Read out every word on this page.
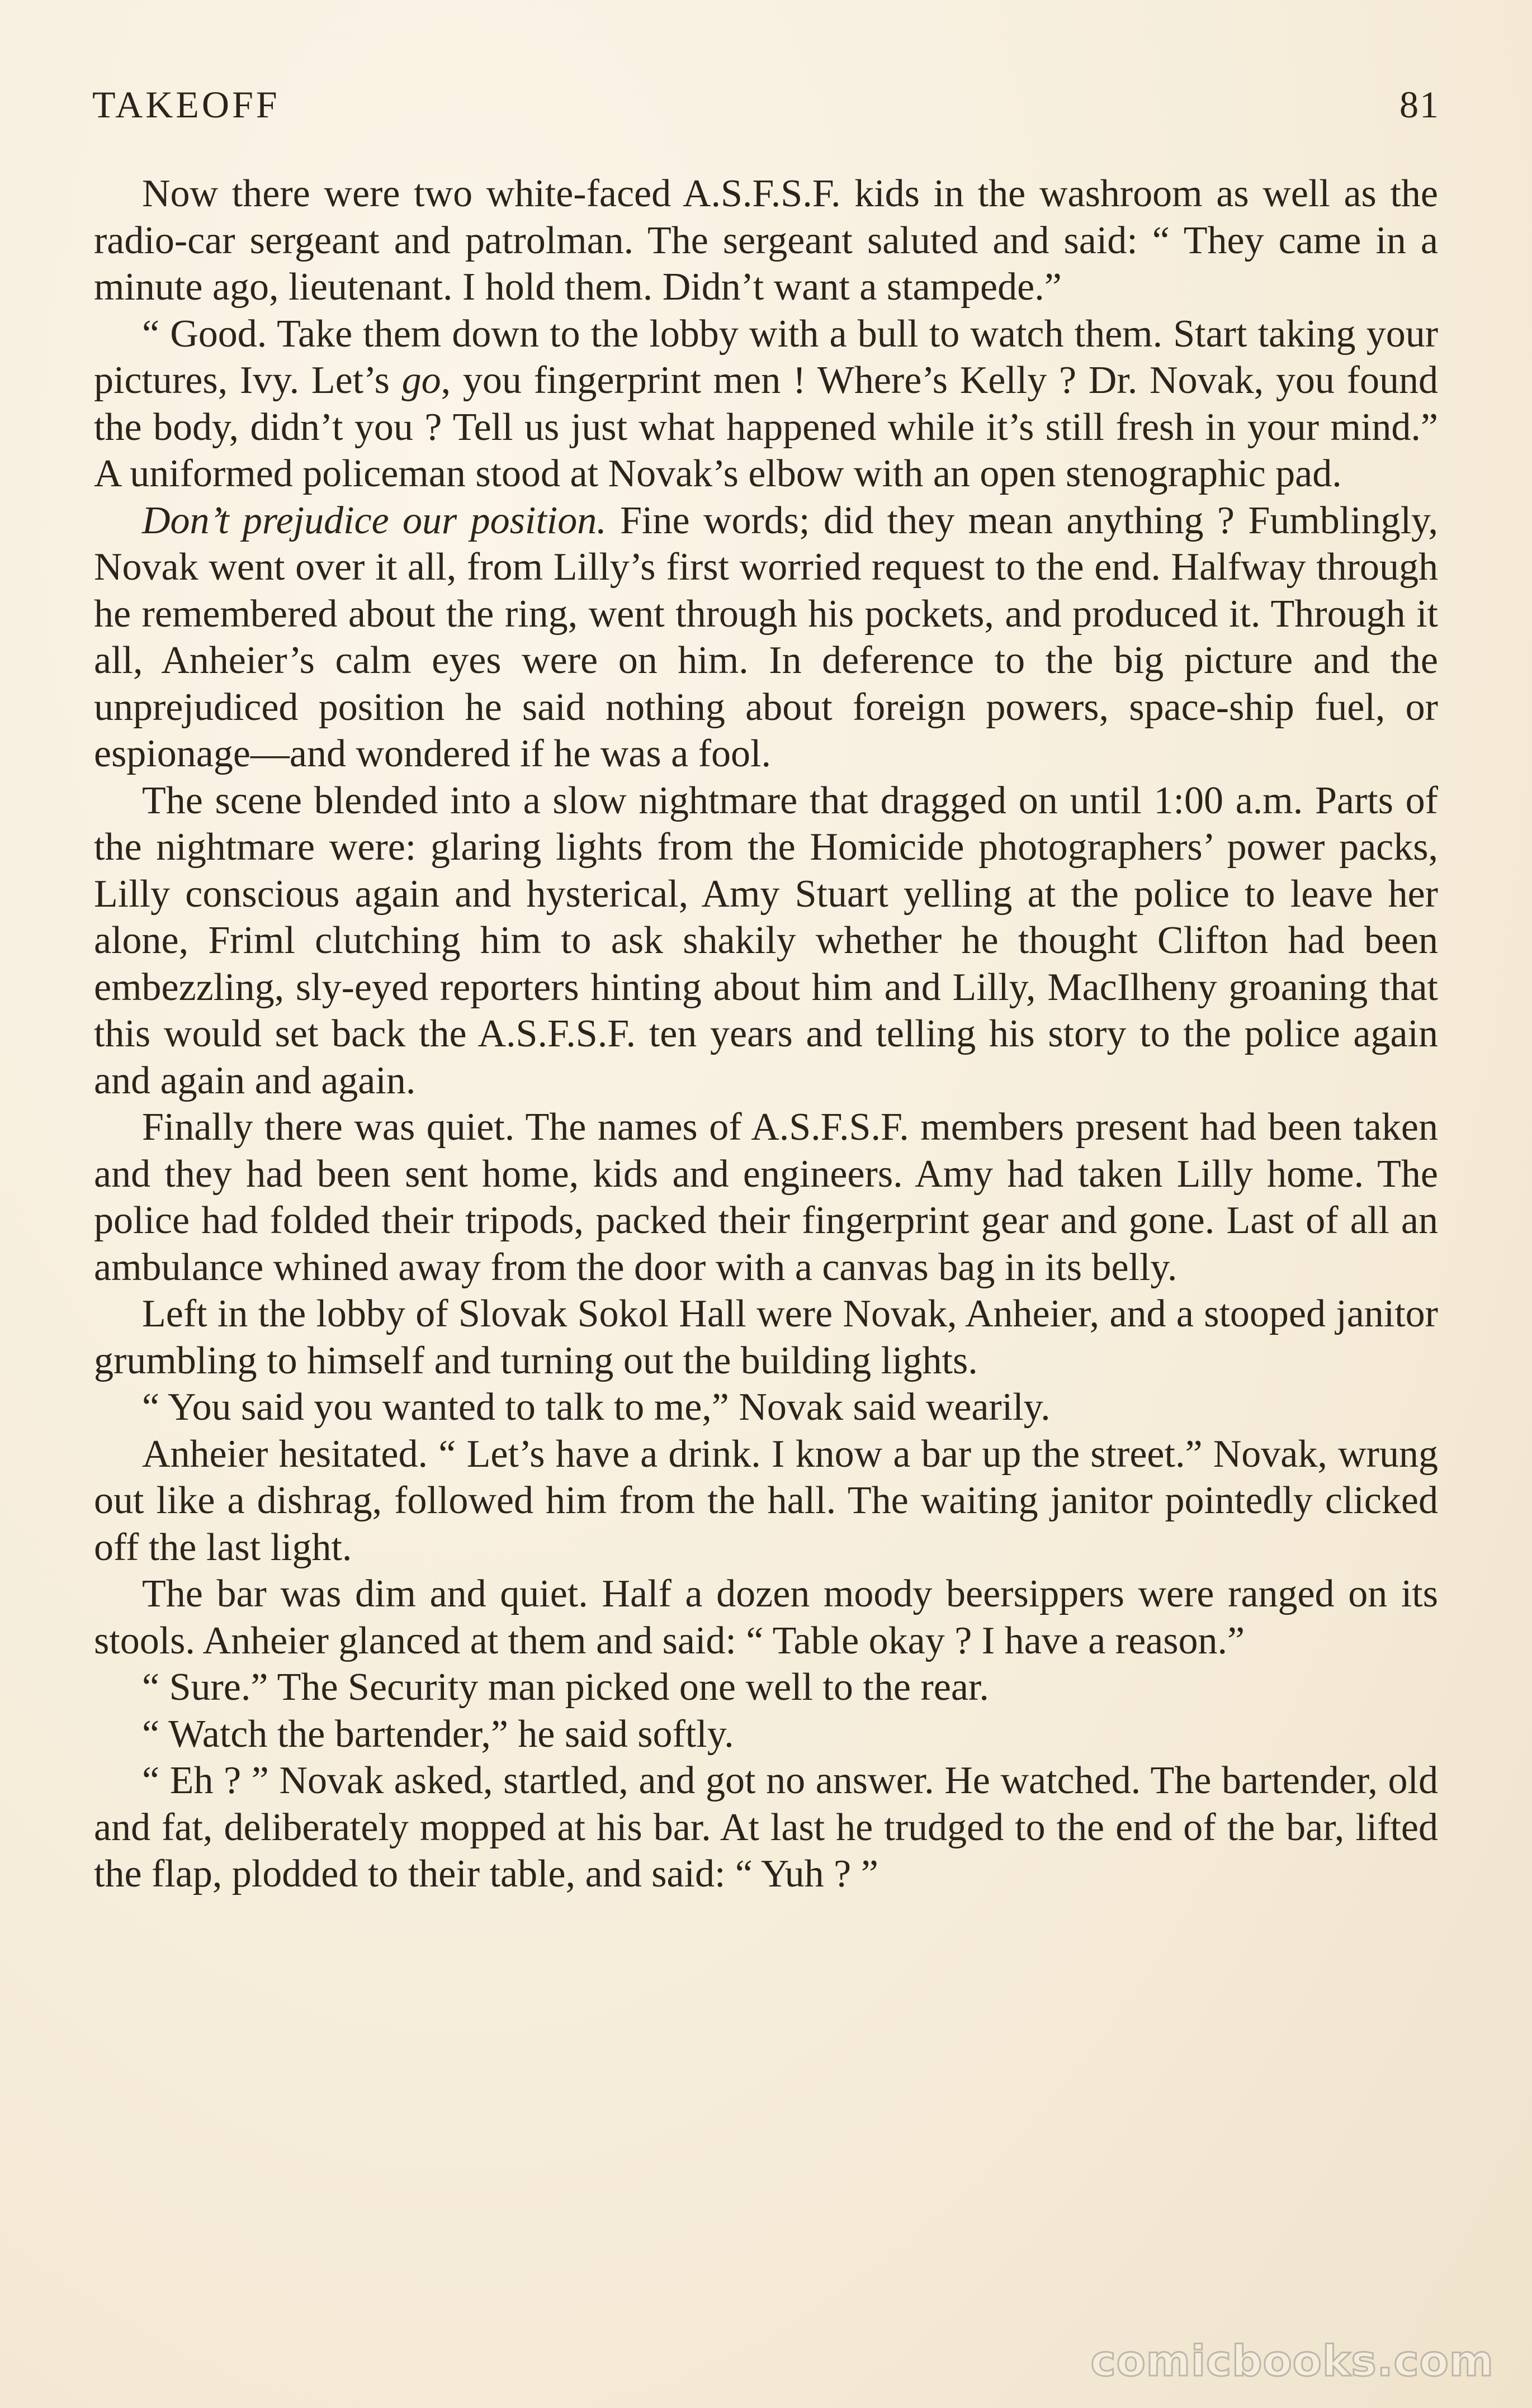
TAKEOFF	81

Now there were two white-faced A.S.F.S.F. kids in the washroom as well as the radio-car sergeant and patrolman. The sergeant saluted and said: “ They came in a minute ago, lieutenant. I hold them. Didn’t want a stampede.”

“ Good. Take them down to the lobby with a bull to watch them. Start taking your pictures, Ivy. Let’s go, you fingerprint men ! Where’s Kelly ? Dr. Novak, you found the body, didn’t you ? Tell us just what happened while it’s still fresh in your mind.” A uniformed policeman stood at Novak’s elbow with an open stenographic pad.

Don’t prejudice our position. Fine words; did they mean anything ? Fumblingly, Novak went over it all, from Lilly’s first worried request to the end. Halfway through he remembered about the ring, went through his pockets, and produced it. Through it all, Anheier’s calm eyes were on him. In deference to the big picture and the unprejudiced position he said nothing about foreign powers, space-ship fuel, or espionage—and wondered if he was a fool.

The scene blended into a slow nightmare that dragged on until 1:00 a.m. Parts of the nightmare were: glaring lights from the Homicide photographers’ power packs, Lilly conscious again and hysterical, Amy Stuart yelling at the police to leave her alone, Friml clutching him to ask shakily whether he thought Clifton had been embezzling, sly-eyed reporters hinting about him and Lilly, MacIlheny groaning that this would set back the A.S.F.S.F. ten years and telling his story to the police again and again and again.

Finally there was quiet. The names of A.S.F.S.F. members present had been taken and they had been sent home, kids and engineers. Amy had taken Lilly home. The police had folded their tripods, packed their fingerprint gear and gone. Last of all an ambulance whined away from the door with a canvas bag in its belly.

Left in the lobby of Slovak Sokol Hall were Novak, Anheier, and a stooped janitor grumbling to himself and turning out the building lights.

“ You said you wanted to talk to me,” Novak said wearily.

Anheier hesitated. “ Let’s have a drink. I know a bar up the street.” Novak, wrung out like a dishrag, followed him from the hall. The waiting janitor pointedly clicked off the last light.

The bar was dim and quiet. Half a dozen moody beersippers were ranged on its stools. Anheier glanced at them and said: “ Table okay ? I have a reason.”

“ Sure.” The Security man picked one well to the rear.

“ Watch the bartender,” he said softly.

“ Eh ? ” Novak asked, startled, and got no answer. He watched. The bartender, old and fat, deliberately mopped at his bar. At last he trudged to the end of the bar, lifted the flap, plodded to their table, and said: “ Yuh ? ”

comicbooks.com
